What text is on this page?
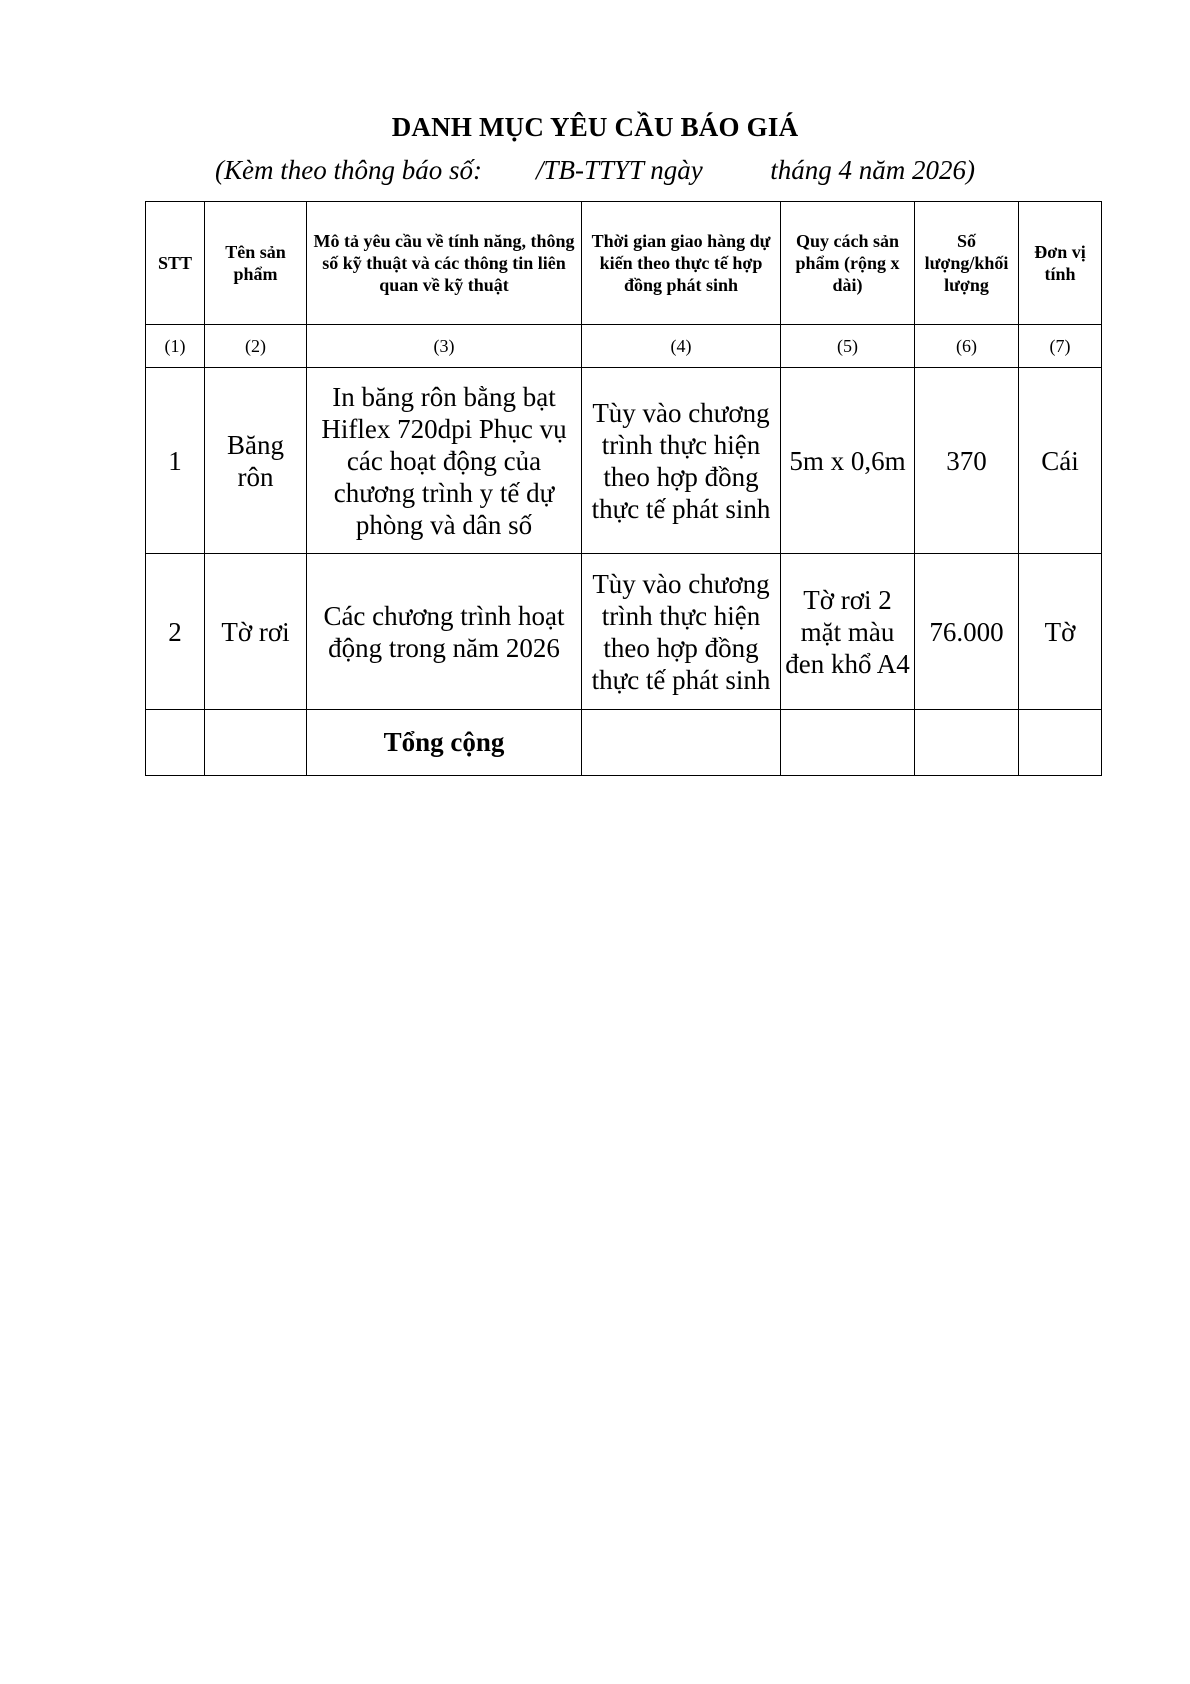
DANH MỤC YÊU CẦU BÁO GIÁ
(Kèm theo thông báo số:        /TB-TTYT ngày          tháng 4 năm 2026)
STT	Tên sản phẩm	Mô tả yêu cầu về tính năng, thông số kỹ thuật và các thông tin liên quan về kỹ thuật	Thời gian giao hàng dự kiến theo thực tế hợp đồng phát sinh	Quy cách sản phẩm (rộng x dài)	Số lượng/khối lượng	Đơn vị tính
(1)	(2)	(3)	(4)	(5)	(6)	(7)
1	Băng rôn	In băng rôn bằng bạt Hiflex 720dpi Phục vụ các hoạt động của chương trình y tế dự phòng và dân số	Tùy vào chương trình thực hiện theo hợp đồng thực tế phát sinh	5m x 0,6m	370	Cái
2	Tờ rơi	Các chương trình hoạt động trong năm 2026	Tùy vào chương trình thực hiện theo hợp đồng thực tế phát sinh	Tờ rơi 2 mặt màu đen khổ A4	76.000	Tờ
		Tổng cộng				
